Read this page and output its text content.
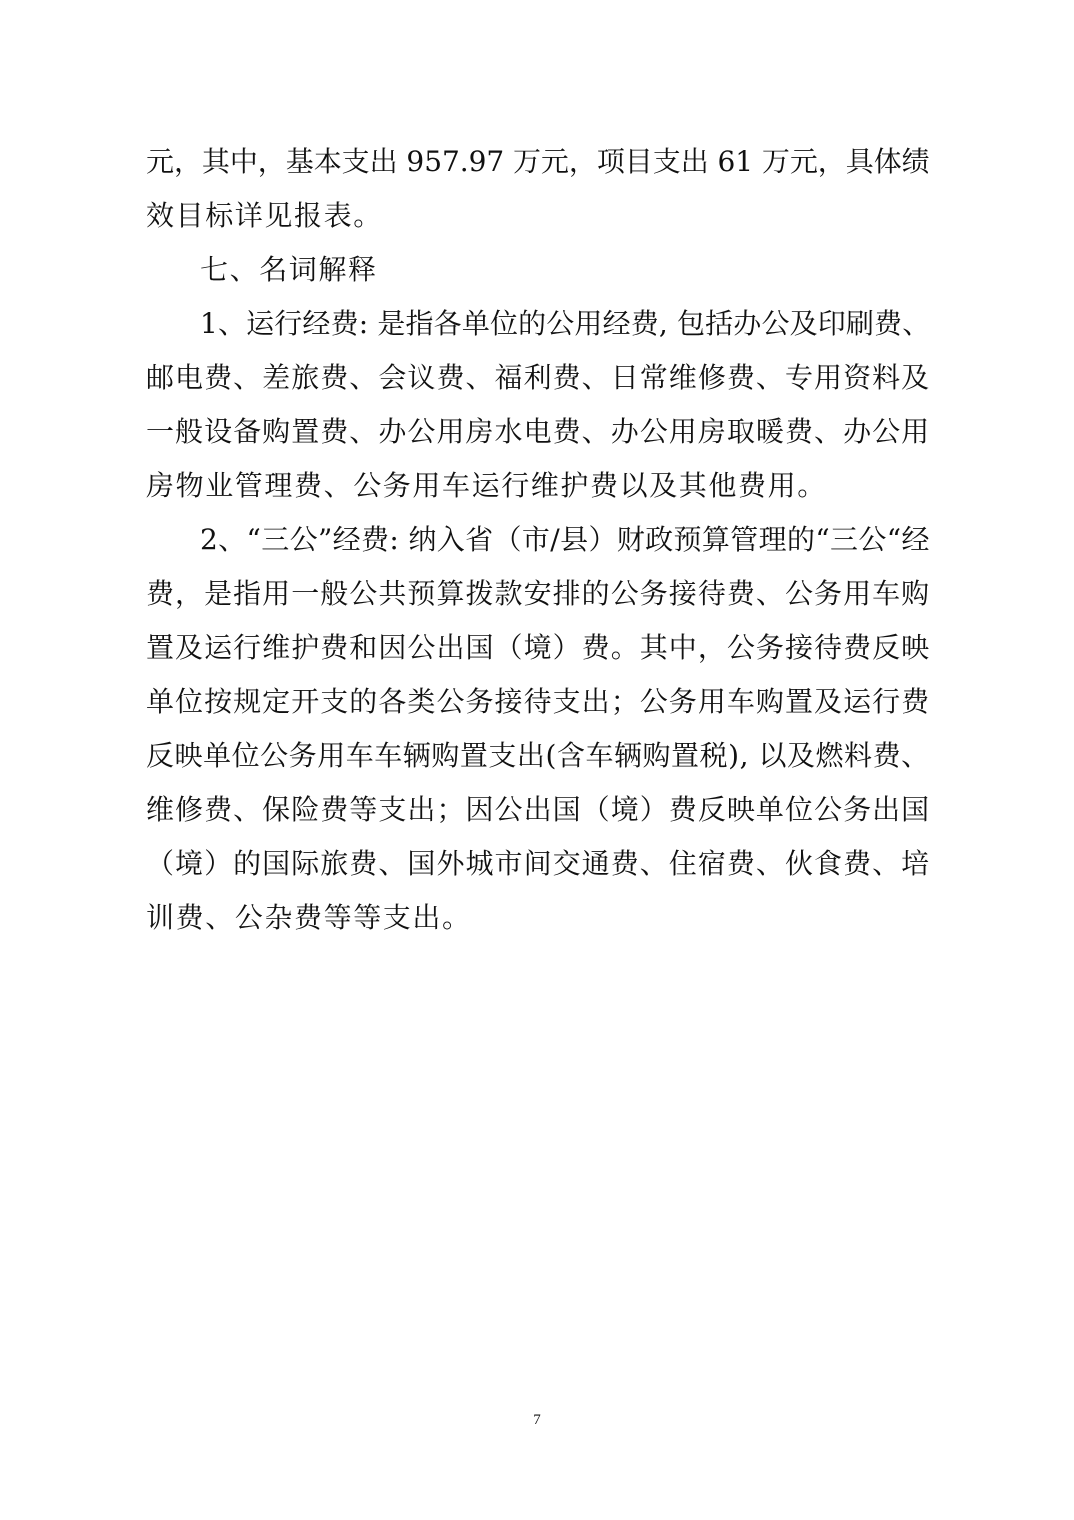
元，其中，基本支出 957.97 万元，项目支出 61 万元，具体绩
效目标详见报表。
七、名词解释
1、运行经费: 是指各单位的公用经费, 包括办公及印刷费、
邮电费、差旅费、会议费、福利费、日常维修费、专用资料及
一般设备购置费、办公用房水电费、办公用房取暖费、办公用
房物业管理费、公务用车运行维护费以及其他费用。
2、“三公”经费: 纳入省（市/县）财政预算管理的“三公“经
费，是指用一般公共预算拨款安排的公务接待费、公务用车购
置及运行维护费和因公出国（境）费。其中，公务接待费反映
单位按规定开支的各类公务接待支出；公务用车购置及运行费
反映单位公务用车车辆购置支出(含车辆购置税), 以及燃料费、
维修费、保险费等支出；因公出国（境）费反映单位公务出国
（境）的国际旅费、国外城市间交通费、住宿费、伙食费、培
训费、公杂费等等支出。
7
